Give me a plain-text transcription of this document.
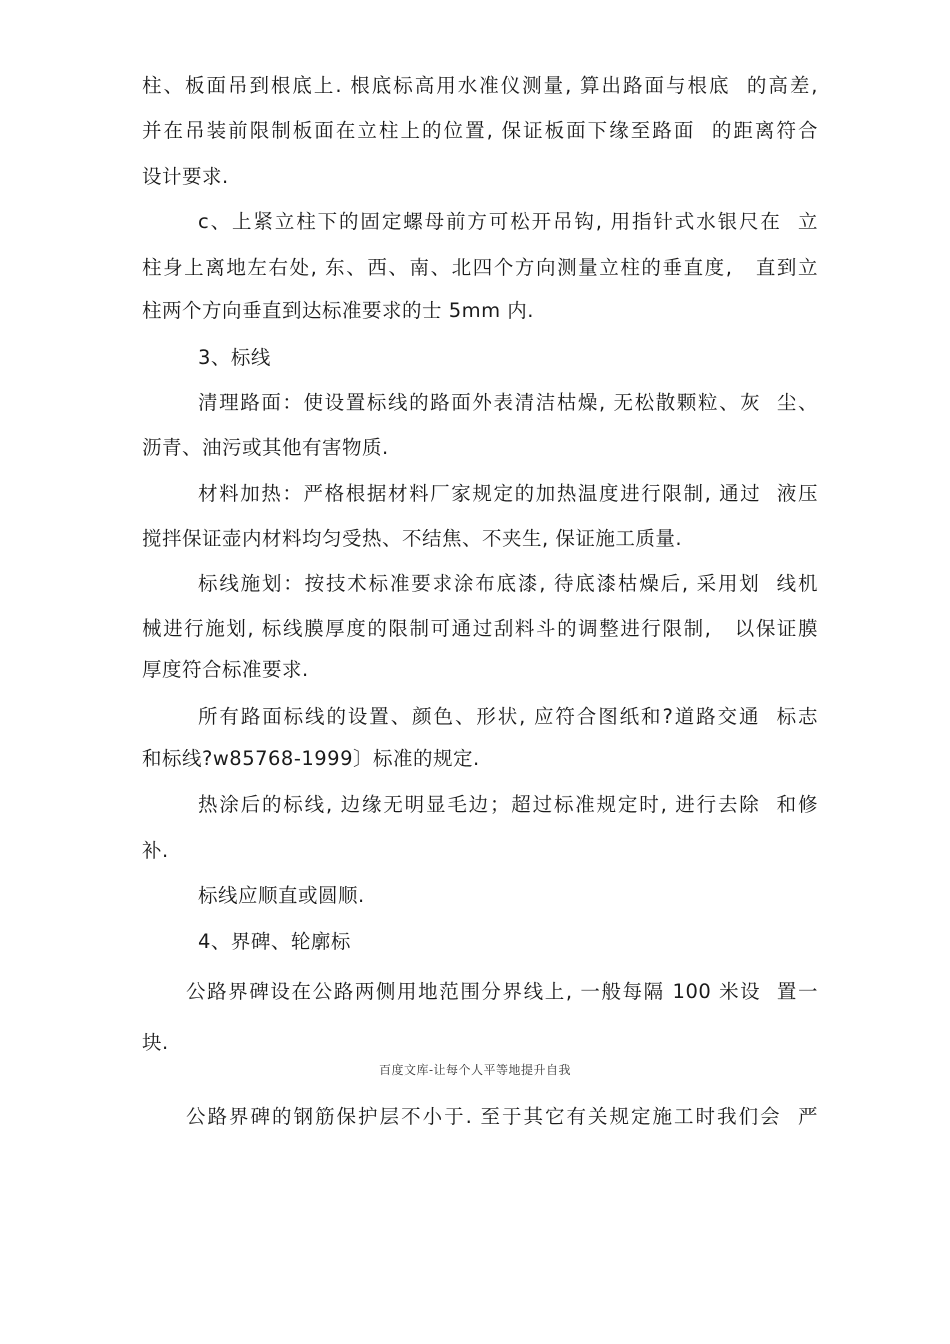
柱、板面吊到根底上. 根底标高用水准仪测量, 算出路面与根底  的高差,
并在吊装前限制板面在立柱上的位置, 保证板面下缘至路面  的距离符合
设计要求.
c、上紧立柱下的固定螺母前方可松开吊钩, 用指针式水银尺在  立
柱身上离地左右处, 东、西、南、北四个方向测量立柱的垂直度,   直到立
柱两个方向垂直到达标准要求的士 5mm 内.
3、标线
清理路面：使设置标线的路面外表清洁枯燥, 无松散颗粒、灰  尘、
沥青、油污或其他有害物质.
材料加热：严格根据材料厂家规定的加热温度进行限制, 通过  液压
搅拌保证壶内材料均匀受热、不结焦、不夹生, 保证施工质量.
标线施划：按技术标准要求涂布底漆, 待底漆枯燥后, 采用划  线机
械进行施划, 标线膜厚度的限制可通过刮料斗的调整进行限制,   以保证膜
厚度符合标准要求.
所有路面标线的设置、颜色、形状, 应符合图纸和?道路交通  标志
和标线?w85768-1999〕标准的规定.
热涂后的标线, 边缘无明显毛边；超过标准规定时, 进行去除  和修
补.
标线应顺直或圆顺.
4、界碑、轮廓标
公路界碑设在公路两侧用地范围分界线上, 一般每隔 100 米设  置一
块.
百度文库-让每个人平等地提升自我
公路界碑的钢筋保护层不小于. 至于其它有关规定施工时我们会  严
